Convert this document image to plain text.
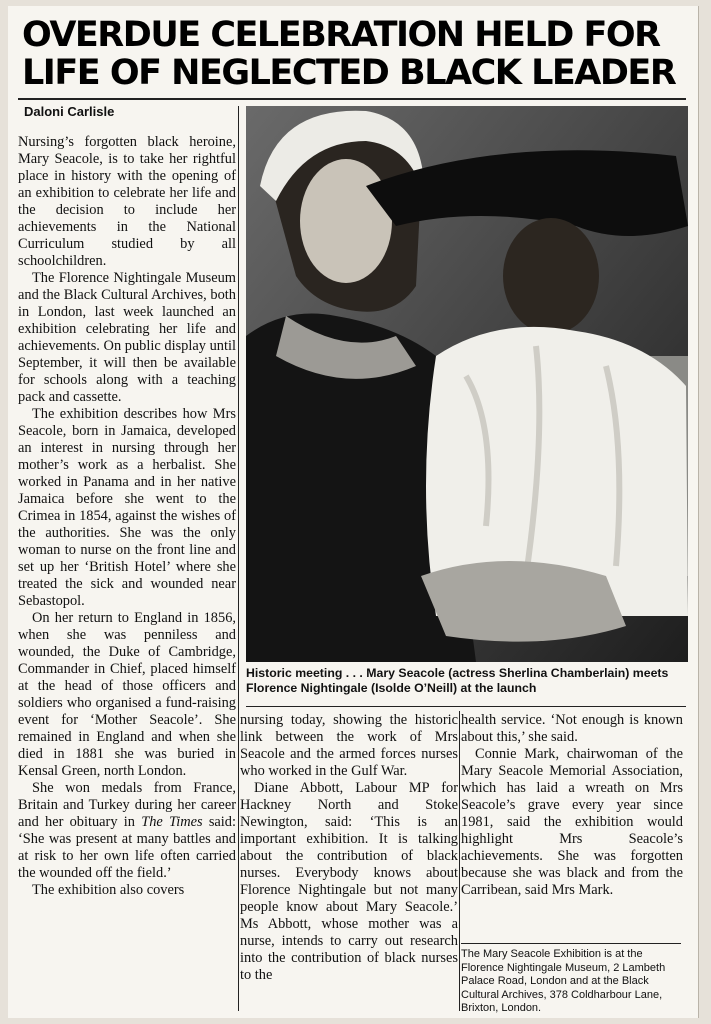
OVERDUE CELEBRATION HELD FOR LIFE OF NEGLECTED BLACK LEADER
Daloni Carlisle

Nursing’s forgotten black heroine, Mary Seacole, is to take her rightful place in history with the opening of an exhibition to celebrate her life and the decision to include her achievements in the National Curriculum studied by all schoolchildren.

The Florence Nightingale Museum and the Black Cultural Archives, both in London, last week launched an exhibition celebrating her life and achievements. On public display until September, it will then be available for schools along with a teaching pack and cassette.

The exhibition describes how Mrs Seacole, born in Jamaica, developed an interest in nursing through her mother’s work as a herbalist. She worked in Panama and in her native Jamaica before she went to the Crimea in 1854, against the wishes of the authorities. She was the only woman to nurse on the front line and set up her ‘British Hotel’ where she treated the sick and wounded near Sebastopol.

On her return to England in 1856, when she was penniless and wounded, the Duke of Cambridge, Commander in Chief, placed himself at the head of those officers and soldiers who organised a fund-raising event for ‘Mother Seacole’. She remained in England and when she died in 1881 she was buried in Kensal Green, north London.

She won medals from France, Britain and Turkey during her career and her obituary in The Times said: ‘She was present at many battles and at risk to her own life often carried the wounded off the field.’

The exhibition also covers

Historic meeting . . . Mary Seacole (actress Sherlina Chamberlain) meets Florence Nightingale (Isolde O’Neill) at the launch

nursing today, showing the historic link between the work of Mrs Seacole and the armed forces nurses who worked in the Gulf War.

Diane Abbott, Labour MP for Hackney North and Stoke Newington, said: ‘This is an important exhibition. It is talking about the contribution of black nurses. Everybody knows about Florence Nightingale but not many people know about Mary Seacole.’ Ms Abbott, whose mother was a nurse, intends to carry out research into the contribution of black nurses to the

health service. ‘Not enough is known about this,’ she said.

Connie Mark, chairwoman of the Mary Seacole Memorial Association, which has laid a wreath on Mrs Seacole’s grave every year since 1981, said the exhibition would highlight Mrs Seacole’s achievements. She was forgotten because she was black and from the Carribean, said Mrs Mark.

The Mary Seacole Exhibition is at the Florence Nightingale Museum, 2 Lambeth Palace Road, London and at the Black Cultural Archives, 378 Coldharbour Lane, Brixton, London.
